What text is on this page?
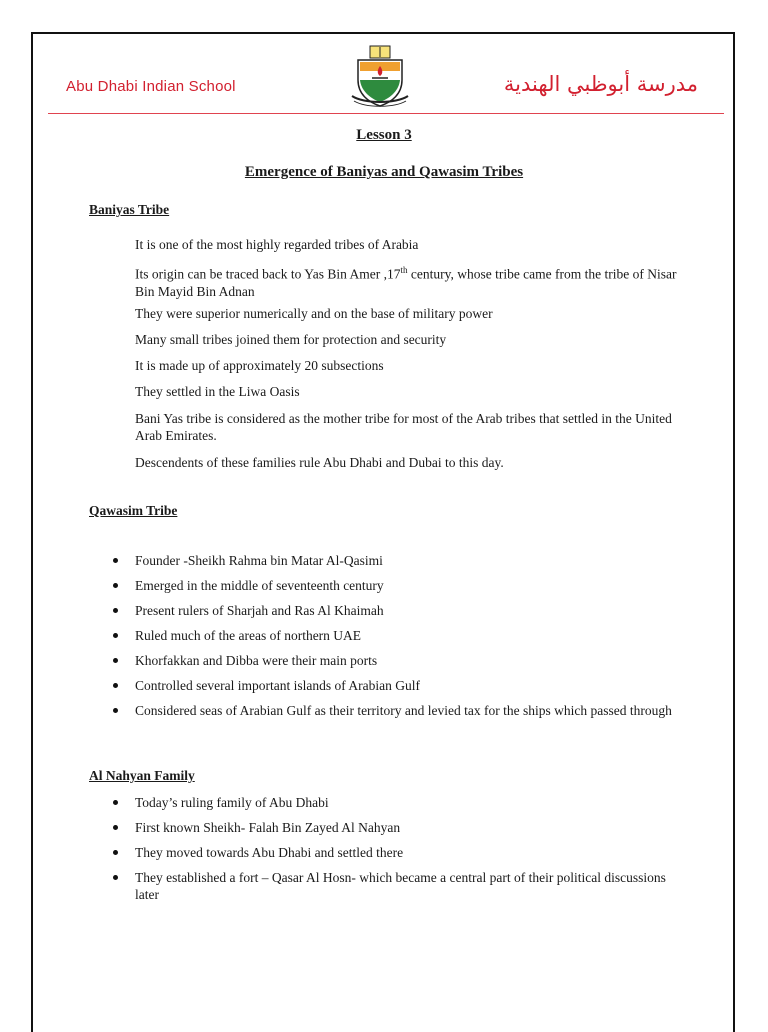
Abu Dhabi Indian School	مدرسة أبوظبي الهندية
Lesson 3
Emergence of Baniyas and Qawasim Tribes
Baniyas Tribe
It is one of the most highly regarded tribes of Arabia
Its origin can be traced back to Yas Bin Amer ,17th century, whose tribe came from the tribe of Nisar Bin Mayid Bin Adnan
They were superior numerically and on the base of military power
Many small tribes joined them for protection and security
It is made up of approximately 20 subsections
They settled in the Liwa Oasis
Bani Yas tribe is considered as the mother tribe for most of the Arab tribes that settled in the United Arab Emirates.
Descendents of these families rule Abu Dhabi and Dubai to this day.
Qawasim Tribe
Founder -Sheikh Rahma bin Matar Al-Qasimi
Emerged in the middle of seventeenth century
Present rulers of Sharjah and Ras Al Khaimah
Ruled much of the areas of northern UAE
Khorfakkan and Dibba were their main ports
Controlled several important islands of Arabian Gulf
Considered seas of Arabian Gulf as their territory and levied tax for the ships which passed through
Al Nahyan Family
Today’s ruling family of Abu Dhabi
First known Sheikh- Falah Bin Zayed Al Nahyan
They moved towards Abu Dhabi and settled there
They established a fort – Qasar Al Hosn- which became a central part of their political discussions later
